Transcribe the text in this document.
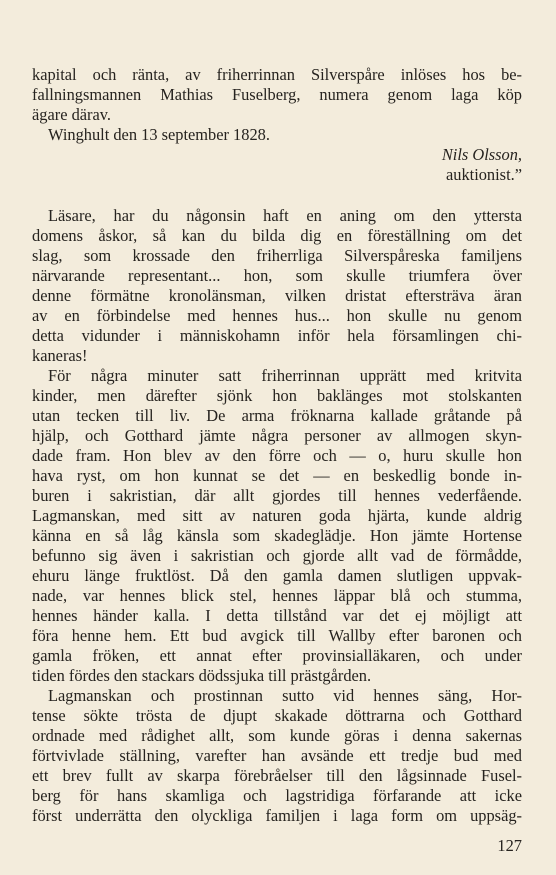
kapital och ränta, av friherrinnan Silverspåre inlöses hos be-
fallningsmannen Mathias Fuselberg, numera genom laga köp
ägare därav.
Winghult den 13 september 1828.
Nils Olsson,
auktionist.”
Läsare, har du någonsin haft en aning om den yttersta
domens åskor, så kan du bilda dig en föreställning om det
slag, som krossade den friherrliga Silverspåreska familjens
närvarande representant... hon, som skulle triumfera över
denne förmätne kronolänsman, vilken dristat eftersträva äran
av en förbindelse med hennes hus... hon skulle nu genom
detta vidunder i människohamn inför hela församlingen chi-
kaneras!
För några minuter satt friherrinnan upprätt med kritvita
kinder, men därefter sjönk hon baklänges mot stolskanten
utan tecken till liv. De arma fröknarna kallade gråtande på
hjälp, och Gotthard jämte några personer av allmogen skyn-
dade fram. Hon blev av den förre och — o, huru skulle hon
hava ryst, om hon kunnat se det — en beskedlig bonde in-
buren i sakristian, där allt gjordes till hennes vederfående.
Lagmanskan, med sitt av naturen goda hjärta, kunde aldrig
känna en så låg känsla som skadeglädje. Hon jämte Hortense
befunno sig även i sakristian och gjorde allt vad de förmådde,
ehuru länge fruktlöst. Då den gamla damen slutligen uppvak-
nade, var hennes blick stel, hennes läppar blå och stumma,
hennes händer kalla. I detta tillstånd var det ej möjligt att
föra henne hem. Ett bud avgick till Wallby efter baronen och
gamla fröken, ett annat efter provinsialläkaren, och under
tiden fördes den stackars dödssjuka till prästgården.
Lagmanskan och prostinnan sutto vid hennes säng, Hor-
tense sökte trösta de djupt skakade döttrarna och Gotthard
ordnade med rådighet allt, som kunde göras i denna sakernas
förtvivlade ställning, varefter han avsände ett tredje bud med
ett brev fullt av skarpa förebråelser till den lågsinnade Fusel-
berg för hans skamliga och lagstridiga förfarande att icke
först underrätta den olyckliga familjen i laga form om uppsäg-
127
